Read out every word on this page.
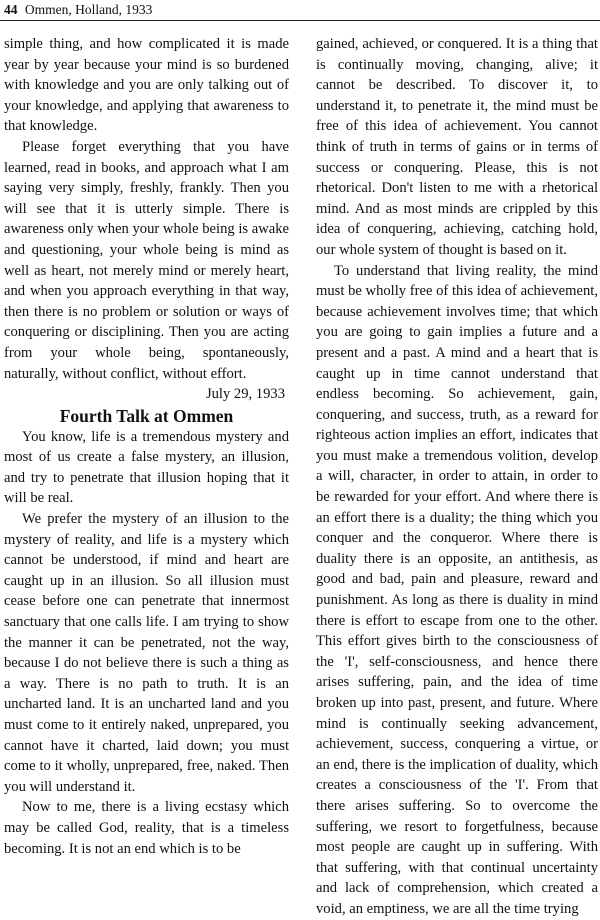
44 Ommen, Holland, 1933

simple thing, and how complicated it is made year by year because your mind is so burdened with knowledge and you are only talking out of your knowledge, and applying that awareness to that knowledge.

Please forget everything that you have learned, read in books, and approach what I am saying very simply, freshly, frankly. Then you will see that it is utterly simple. There is awareness only when your whole being is awake and questioning, your whole being is mind as well as heart, not merely mind or merely heart, and when you approach everything in that way, then there is no problem or solution or ways of conquering or disciplining. Then you are acting from your whole being, spontaneously, naturally, without conflict, without effort.

July 29, 1933

Fourth Talk at Ommen

You know, life is a tremendous mystery and most of us create a false mystery, an illusion, and try to penetrate that illusion hoping that it will be real.

We prefer the mystery of an illusion to the mystery of reality, and life is a mystery which cannot be understood, if mind and heart are caught up in an illusion. So all illusion must cease before one can penetrate that innermost sanctuary that one calls life. I am trying to show the manner it can be penetrated, not the way, because I do not believe there is such a thing as a way. There is no path to truth. It is an uncharted land. It is an uncharted land and you must come to it entirely naked, unprepared, you cannot have it charted, laid down; you must come to it wholly, unprepared, free, naked. Then you will understand it.

Now to me, there is a living ecstasy which may be called God, reality, that is a timeless becoming. It is not an end which is to be

gained, achieved, or conquered. It is a thing that is continually moving, changing, alive; it cannot be described. To discover it, to understand it, to penetrate it, the mind must be free of this idea of achievement. You cannot think of truth in terms of gains or in terms of success or conquering. Please, this is not rhetorical. Don't listen to me with a rhetorical mind. And as most minds are crippled by this idea of conquering, achieving, catching hold, our whole system of thought is based on it.

To understand that living reality, the mind must be wholly free of this idea of achievement, because achievement involves time; that which you are going to gain implies a future and a present and a past. A mind and a heart that is caught up in time cannot understand that endless becoming. So achievement, gain, conquering, and success, truth, as a reward for righteous action implies an effort, indicates that you must make a tremendous volition, develop a will, character, in order to attain, in order to be rewarded for your effort. And where there is an effort there is a duality; the thing which you conquer and the conqueror. Where there is duality there is an opposite, an antithesis, as good and bad, pain and pleasure, reward and punishment. As long as there is duality in mind there is effort to escape from one to the other. This effort gives birth to the consciousness of the 'I', self-consciousness, and hence there arises suffering, pain, and the idea of time broken up into past, present, and future. Where mind is continually seeking advancement, achievement, success, conquering a virtue, or an end, there is the implication of duality, which creates a consciousness of the 'I'. From that there arises suffering. So to overcome the suffering, we resort to forgetfulness, because most people are caught up in suffering. With that suffering, with that continual uncertainty and lack of comprehension, which created a void, an emptiness, we are all the time trying
